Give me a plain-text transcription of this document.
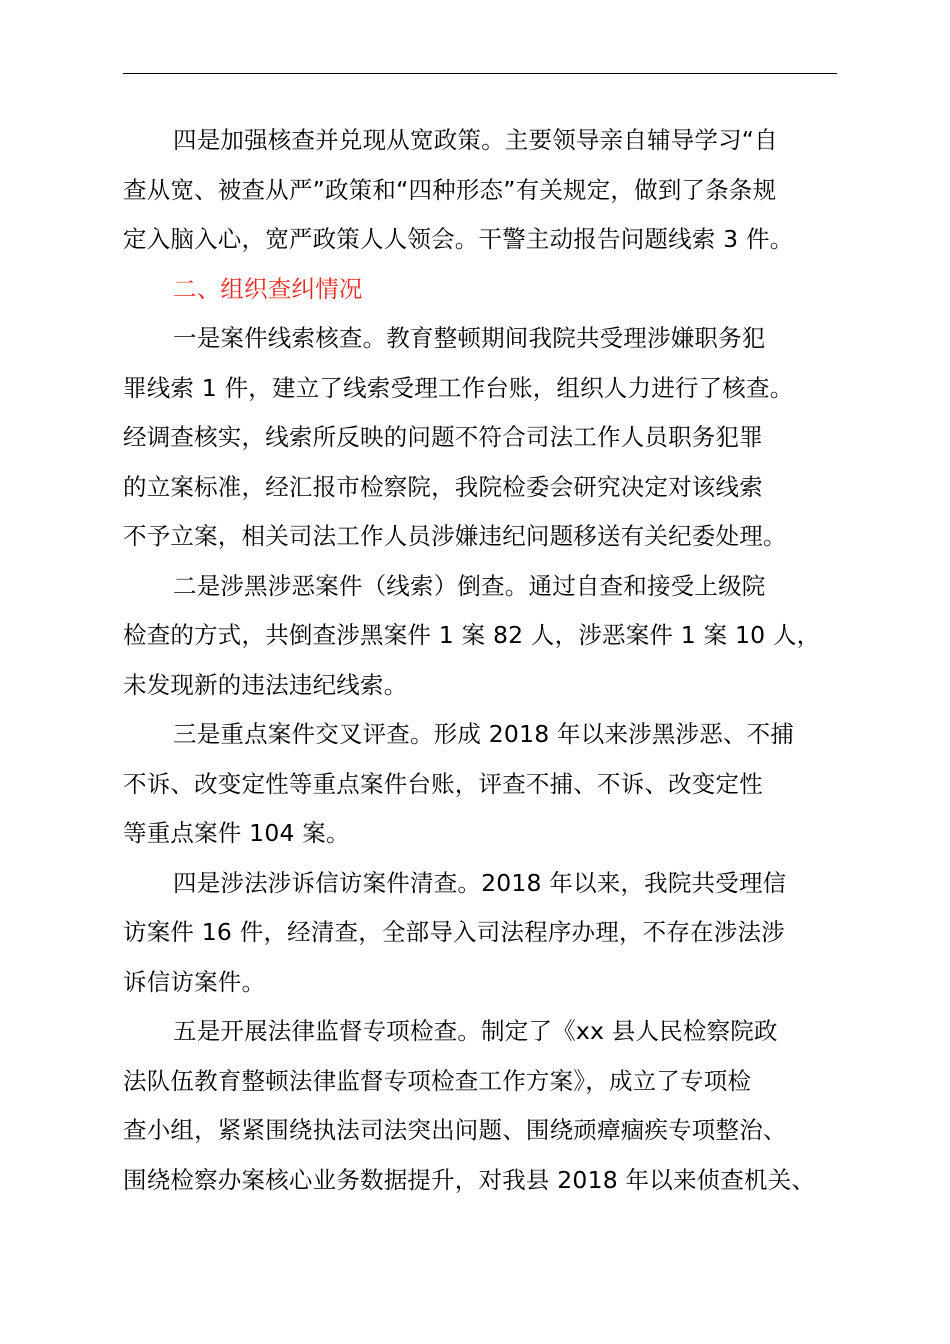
四是加强核查并兑现从宽政策。主要领导亲自辅导学习“自
查从宽、被查从严”政策和“四种形态”有关规定，做到了条条规
定入脑入心，宽严政策人人领会。干警主动报告问题线索 3 件。
二、组织查纠情况
一是案件线索核查。教育整顿期间我院共受理涉嫌职务犯
罪线索 1 件，建立了线索受理工作台账，组织人力进行了核查。
经调查核实，线索所反映的问题不符合司法工作人员职务犯罪
的立案标准，经汇报市检察院，我院检委会研究决定对该线索
不予立案，相关司法工作人员涉嫌违纪问题移送有关纪委处理。
二是涉黑涉恶案件（线索）倒查。通过自查和接受上级院
检查的方式，共倒查涉黑案件 1 案 82 人，涉恶案件 1 案 10 人，
未发现新的违法违纪线索。
三是重点案件交叉评查。形成 2018 年以来涉黑涉恶、不捕
不诉、改变定性等重点案件台账，评查不捕、不诉、改变定性
等重点案件 104 案。
四是涉法涉诉信访案件清查。2018 年以来，我院共受理信
访案件 16 件，经清查，全部导入司法程序办理，不存在涉法涉
诉信访案件。
五是开展法律监督专项检查。制定了《xx 县人民检察院政
法队伍教育整顿法律监督专项检查工作方案》，成立了专项检
查小组，紧紧围绕执法司法突出问题、围绕顽瘴痼疾专项整治、
围绕检察办案核心业务数据提升，对我县 2018 年以来侦查机关、
